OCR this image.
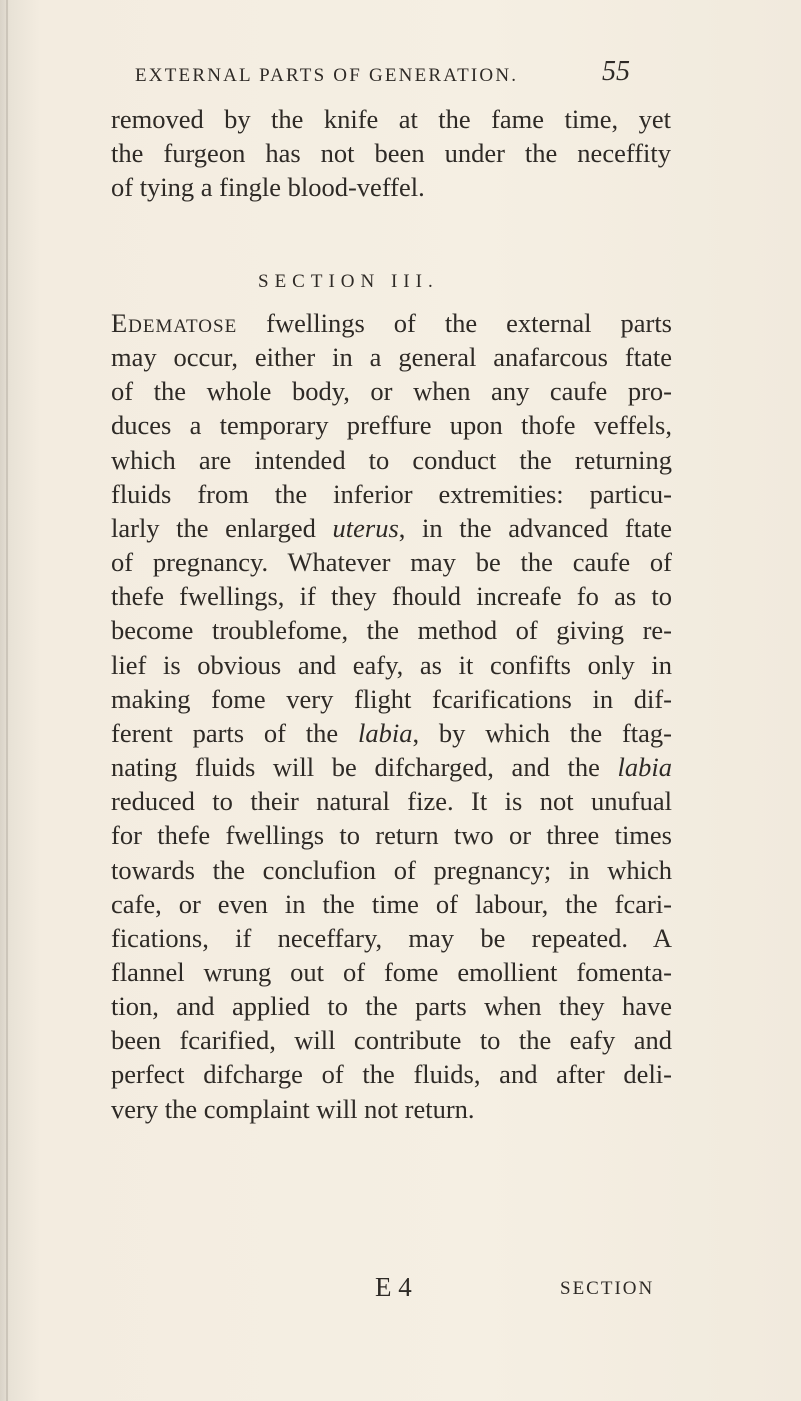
EXTERNAL PARTS OF GENERATION.	55
removed by the knife at the fame time, yet
the furgeon has not been under the neceffity
of tying a fingle blood-veffel.
SECTION III.
Edematose fwellings of the external parts
may occur, either in a general anafarcous ftate
of the whole body, or when any caufe pro-
duces a temporary preffure upon thofe veffels,
which are intended to conduct the returning
fluids from the inferior extremities: particu-
larly the enlarged uterus, in the advanced ftate
of pregnancy. Whatever may be the caufe of
thefe fwellings, if they fhould increafe fo as to
become troublefome, the method of giving re-
lief is obvious and eafy, as it confifts only in
making fome very flight fcarifications in dif-
ferent parts of the labia, by which the ftag-
nating fluids will be difcharged, and the labia
reduced to their natural fize. It is not unufual
for thefe fwellings to return two or three times
towards the conclufion of pregnancy; in which
cafe, or even in the time of labour, the fcari-
fications, if neceffary, may be repeated. A
flannel wrung out of fome emollient fomenta-
tion, and applied to the parts when they have
been fcarified, will contribute to the eafy and
perfect difcharge of the fluids, and after deli-
very the complaint will not return.
E 4	SECTION
